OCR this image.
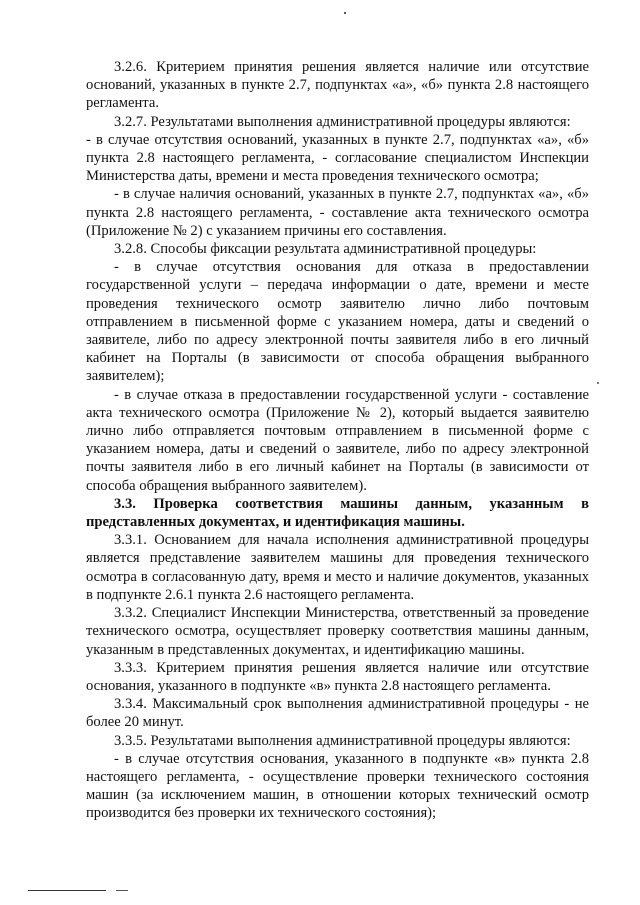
3.2.6. Критерием принятия решения является наличие или отсутствие оснований, указанных в пункте 2.7, подпунктах «а», «б» пункта 2.8 настоящего регламента.

3.2.7. Результатами выполнения административной процедуры являются:

- в случае отсутствия оснований, указанных в пункте 2.7, подпунктах «а», «б» пункта 2.8 настоящего регламента, - согласование специалистом Инспекции Министерства даты, времени и места проведения технического осмотра;

- в случае наличия оснований, указанных в пункте 2.7, подпунктах «а», «б» пункта 2.8 настоящего регламента, - составление акта технического осмотра (Приложение № 2) с указанием причины его составления.

3.2.8. Способы фиксации результата административной процедуры:

- в случае отсутствия основания для отказа в предоставлении государственной услуги – передача информации о дате, времени и месте проведения технического осмотр заявителю лично либо почтовым отправлением в письменной форме с указанием номера, даты и сведений о заявителе, либо по адресу электронной почты заявителя либо в его личный кабинет на Порталы (в зависимости от способа обращения выбранного заявителем);

- в случае отказа в предоставлении государственной услуги - составление акта технического осмотра (Приложение № 2), который выдается заявителю лично либо отправляется почтовым отправлением в письменной форме с указанием номера, даты и сведений о заявителе, либо по адресу электронной почты заявителя либо в его личный кабинет на Порталы (в зависимости от способа обращения выбранного заявителем).

3.3. Проверка соответствия машины данным, указанным в представленных документах, и идентификация машины.

3.3.1. Основанием для начала исполнения административной процедуры является представление заявителем машины для проведения технического осмотра в согласованную дату, время и место и наличие документов, указанных в подпункте 2.6.1 пункта 2.6 настоящего регламента.

3.3.2. Специалист Инспекции Министерства, ответственный за проведение технического осмотра, осуществляет проверку соответствия машины данным, указанным в представленных документах, и идентификацию машины.

3.3.3. Критерием принятия решения является наличие или отсутствие основания, указанного в подпункте «в» пункта 2.8 настоящего регламента.

3.3.4. Максимальный срок выполнения административной процедуры - не более 20 минут.

3.3.5. Результатами выполнения административной процедуры являются:

- в случае отсутствия основания, указанного в подпункте «в» пункта 2.8 настоящего регламента, - осуществление проверки технического состояния машин (за исключением машин, в отношении которых технический осмотр производится без проверки их технического состояния);
